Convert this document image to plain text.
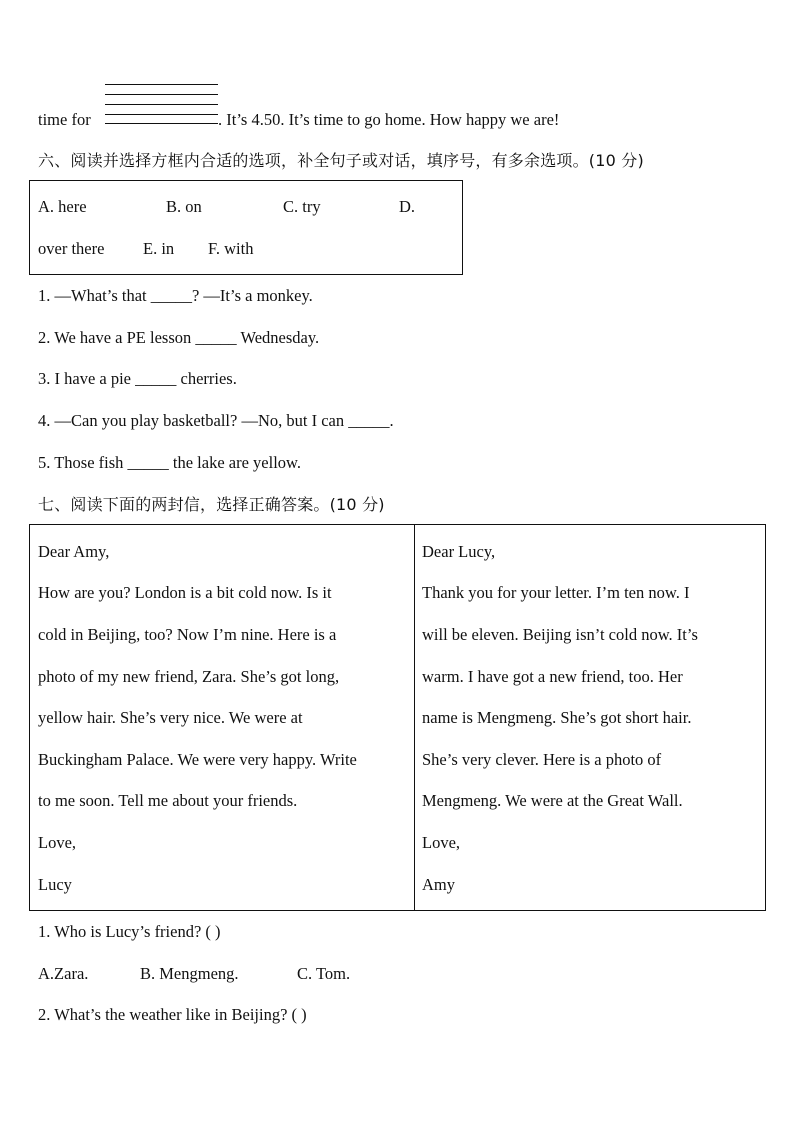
time for	. It’s 4.50. It’s time to go home. How happy we are!
六、阅读并选择方框内合适的选项，补全句子或对话，填序号，有多余选项。(10 分)
A. here	B. on	C. try	D.
over there E. in F. with
1. —What’s that _____? —It’s a monkey.
2. We have a PE lesson _____ Wednesday.
3. I have a pie _____ cherries.
4. —Can you play basketball? —No, but I can _____.
5. Those fish _____ the lake are yellow.
七、阅读下面的两封信，选择正确答案。(10 分)
Dear Amy,
How are you? London is a bit cold now. Is it
cold in Beijing, too? Now I’m nine. Here is a
photo of my new friend, Zara. She’s got long,
yellow hair. She’s very nice. We were at
Buckingham Palace. We were very happy. Write
to me soon. Tell me about your friends.
Love,
Lucy
Dear Lucy,
Thank you for your letter. I’m ten now. I
will be eleven. Beijing isn’t cold now. It’s
warm. I have got a new friend, too. Her
name is Mengmeng. She’s got short hair.
She’s very clever. Here is a photo of
Mengmeng. We were at the Great Wall.
Love,
Amy
1. Who is Lucy’s friend? ( )
A.Zara.	B. Mengmeng.	C. Tom.
2. What’s the weather like in Beijing? ( )
